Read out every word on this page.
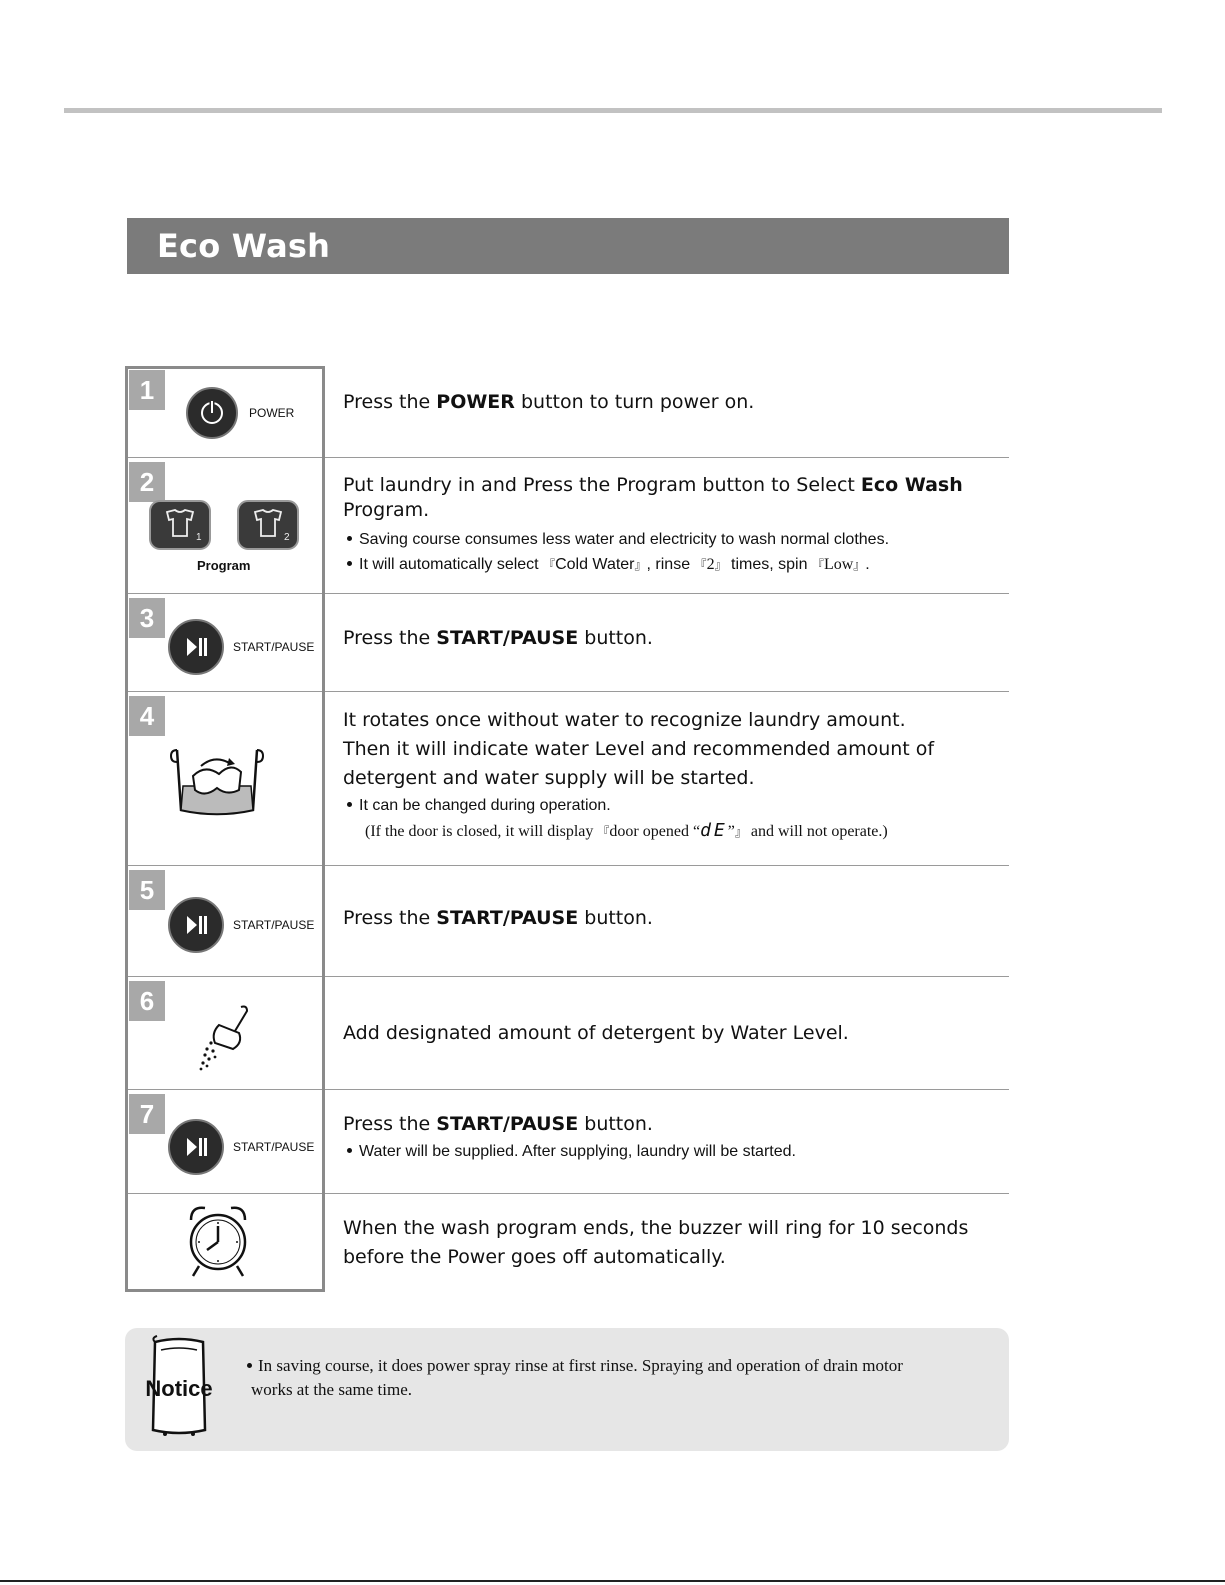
Eco Wash
1
POWER	Press the POWER button to turn power on.
2
1	2
Program
Put laundry in and Press the Program button to Select Eco Wash Program.
Saving course consumes less water and electricity to wash normal clothes.
It will automatically select 『Cold Water』, rinse 『2』 times, spin 『Low』.
3
START/PAUSE Press the START/PAUSE button.
4	It rotates once without water to recognize laundry amount.
Then it will indicate water Level and recommended amount of
detergent and water supply will be started.
It can be changed during operation.
(If the door is closed, it will display 『door opened “dE”』 and will not operate.)
5
START/PAUSE Press the START/PAUSE button.
6
Add designated amount of detergent by Water Level.
7
START/PAUSE
Press the START/PAUSE button.
Water will be supplied. After supplying, laundry will be started.
When the wash program ends, the buzzer will ring for 10 seconds
before the Power goes off automatically.
Notice
In saving course, it does power spray rinse at first rinse. Spraying and operation of drain motor
works at the same time.
